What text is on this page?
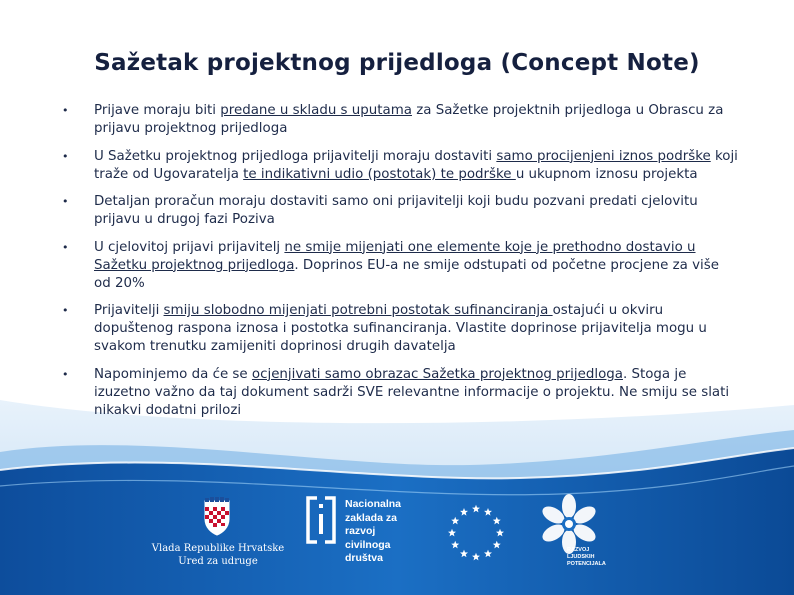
Sažetak projektnog prijedloga (Concept Note)
• Prijave moraju biti predane u skladu s uputama za Sažetke projektnih prijedloga u Obrascu za prijavu projektnog prijedloga
• U Sažetku projektnog prijedloga prijavitelji moraju dostaviti samo procijenjeni iznos podrške koji traže od Ugovaratelja te indikativni udio (postotak) te podrške u ukupnom iznosu projekta
• Detaljan proračun moraju dostaviti samo oni prijavitelji koji budu pozvani predati cjelovitu prijavu u drugoj fazi Poziva
• U cjelovitoj prijavi prijavitelj ne smije mijenjati one elemente koje je prethodno dostavio u Sažetku projektnog prijedloga. Doprinos EU-a ne smije odstupati od početne procjene za više od 20%
• Prijavitelji smiju slobodno mijenjati potrebni postotak sufinanciranja ostajući u okviru dopuštenog raspona iznosa i postotka sufinanciranja. Vlastite doprinose prijavitelja mogu u svakom trenutku zamijeniti doprinosi drugih davatelja
• Napominjemo da će se ocjenjivati samo obrazac Sažetka projektnog prijedloga. Stoga je izuzetno važno da taj dokument sadrži SVE relevantne informacije o projektu. Ne smiju se slati nikakvi dodatni prilozi
Vlada Republike Hrvatske
Ured za udruge
Nacionalna
zaklada za
razvoj
civilnoga
društva
RAZVOJ
LJUDSKIH
POTENCIJALA
